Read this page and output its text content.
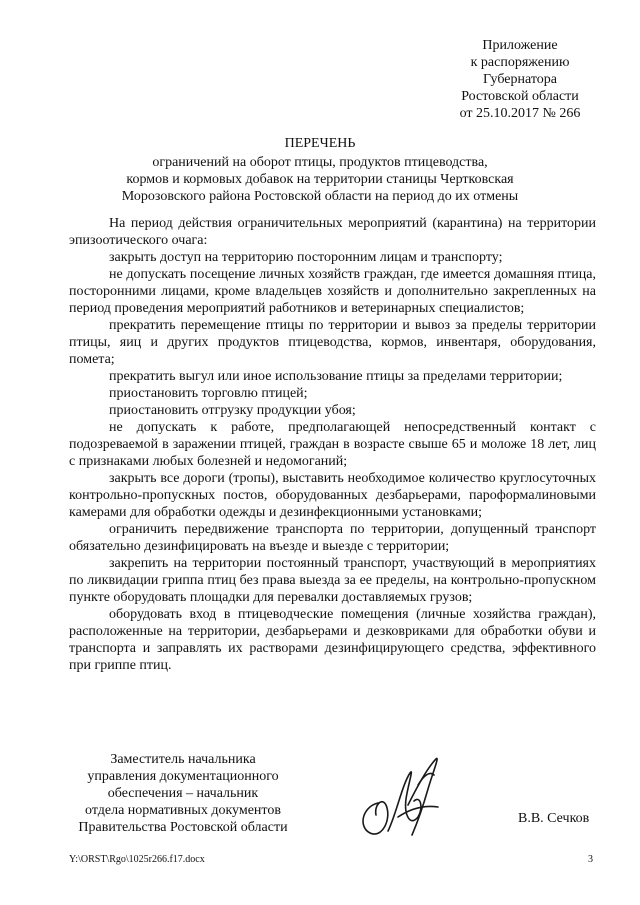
Приложение
к распоряжению
Губернатора
Ростовской области
от 25.10.2017 № 266
ПЕРЕЧЕНЬ
ограничений на оборот птицы, продуктов птицеводства,
кормов и кормовых добавок на территории станицы Чертковская
Морозовского района Ростовской области на период до их отмены

На период действия ограничительных мероприятий (карантина) на территории эпизоотического очага:

закрыть доступ на территорию посторонним лицам и транспорту;

не допускать посещение личных хозяйств граждан, где имеется домашняя птица, посторонними лицами, кроме владельцев хозяйств и дополнительно закрепленных на период проведения мероприятий работников и ветеринарных специалистов;

прекратить перемещение птицы по территории и вывоз за пределы территории птицы, яиц и других продуктов птицеводства, кормов, инвентаря, оборудования, помета;

прекратить выгул или иное использование птицы за пределами территории;

приостановить торговлю птицей;

приостановить отгрузку продукции убоя;

не допускать к работе, предполагающей непосредственный контакт с подозреваемой в заражении птицей, граждан в возрасте свыше 65 и моложе 18 лет, лиц с признаками любых болезней и недомоганий;

закрыть все дороги (тропы), выставить необходимое количество круглосуточных контрольно-пропускных постов, оборудованных дезбарьерами, пароформалиновыми камерами для обработки одежды и дезинфекционными установками;

ограничить передвижение транспорта по территории, допущенный транспорт обязательно дезинфицировать на въезде и выезде с территории;

закрепить на территории постоянный транспорт, участвующий в мероприятиях по ликвидации гриппа птиц без права выезда за ее пределы, на контрольно-пропускном пункте оборудовать площадки для перевалки доставляемых грузов;

оборудовать вход в птицеводческие помещения (личные хозяйства граждан), расположенные на территории, дезбарьерами и дезковриками для обработки обуви и транспорта и заправлять их растворами дезинфицирующего средства, эффективного при гриппе птиц.

Заместитель начальника
управления документационного
обеспечения – начальник
отдела нормативных документов
Правительства Ростовской области
В.В. Сечков
Y:\ORST\Rgo\1025r266.f17.docx	3
